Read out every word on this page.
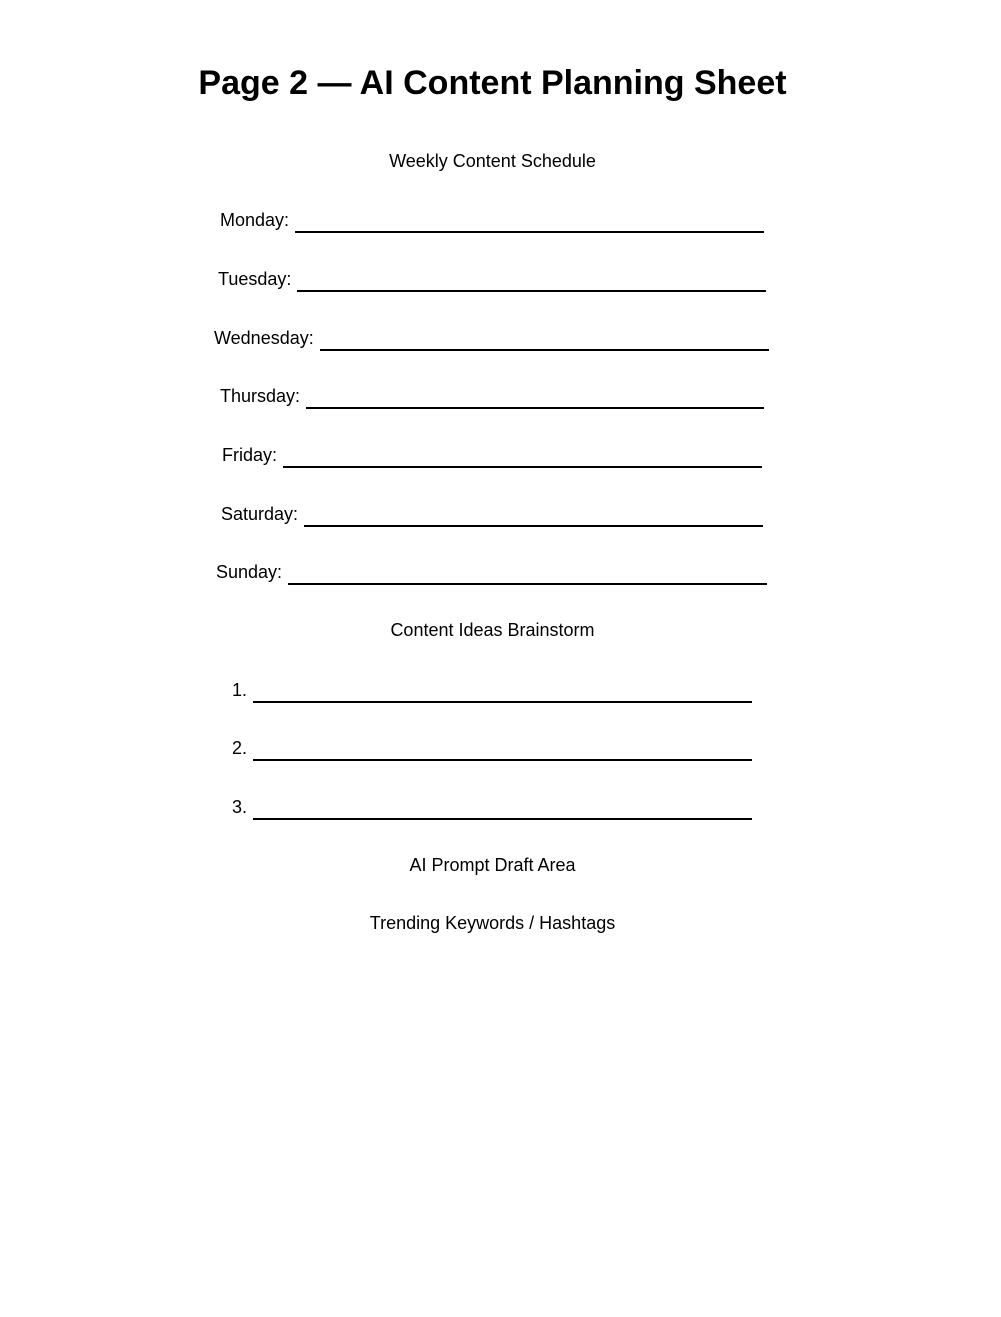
Page 2 — AI Content Planning Sheet
Weekly Content Schedule
Monday:
Tuesday:
Wednesday:
Thursday:
Friday:
Saturday:
Sunday:
Content Ideas Brainstorm
1.
2.
3.
AI Prompt Draft Area
Trending Keywords / Hashtags
